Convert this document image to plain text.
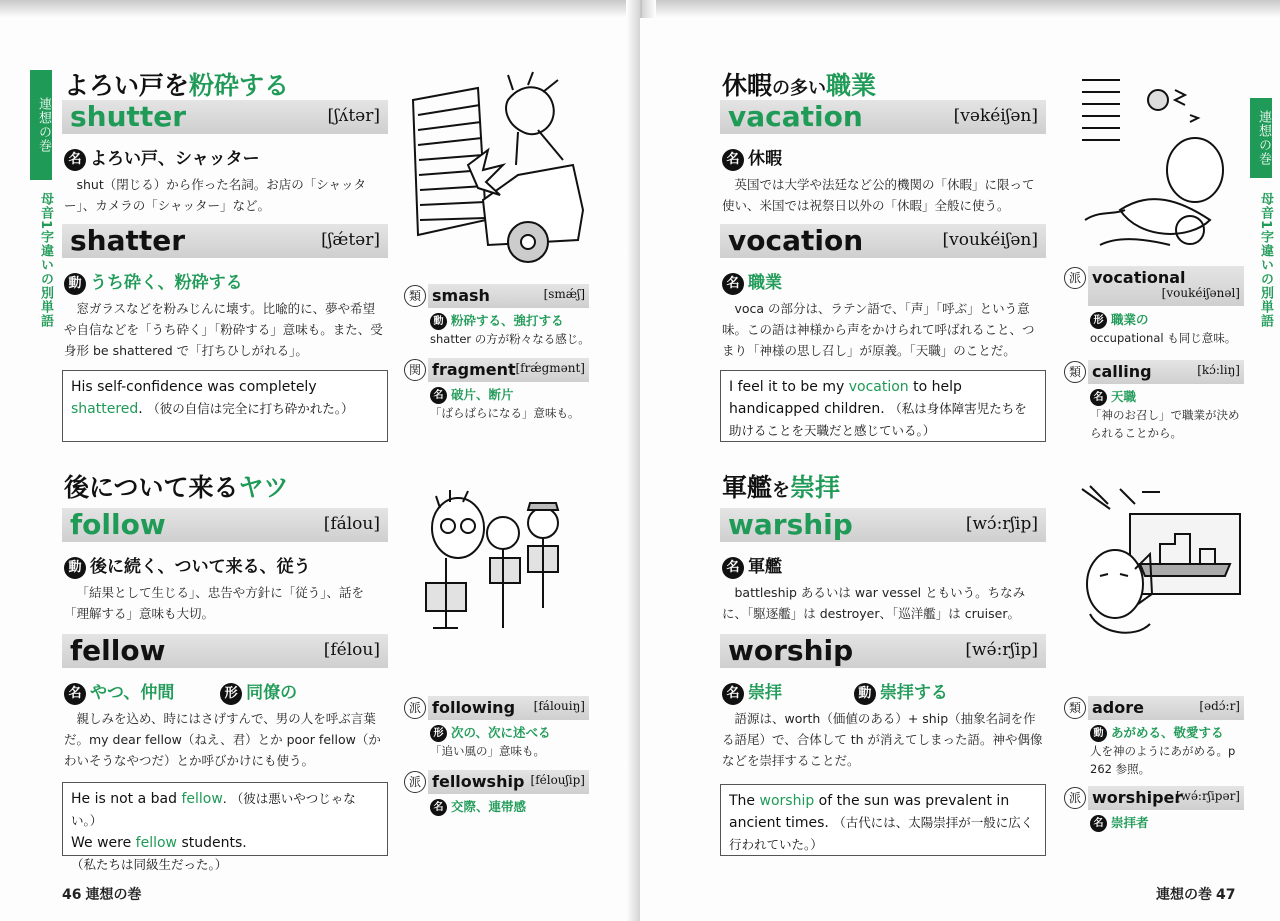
連想の巻
母音1字違いの別単語
よろい戸を粉砕する
shutter	[ʃʌ́tər]
名 よろい戸、シャッター
shut（閉じる）から作った名詞。お店の「シャッター」、カメラの「シャッター」など。
shatter	[ʃǽtər]
動 うち砕く、粉砕する
窓ガラスなどを粉みじんに壊す。比喩的に、夢や希望や自信などを「うち砕く」「粉砕する」意味も。また、受身形 be shattered で「打ちひしがれる」。
His self-confidence was completely shattered. （彼の自信は完全に打ち砕かれた。）
類 smash	[smǽʃ]
動 粉砕する、強打する
shatter の方が粉々なる感じ。
関 fragment [frǽgmənt]
名 破片、断片
「ばらばらになる」意味も。
後について来るヤツ
follow	[fálou]
動 後に続く、ついて来る、従う
「結果として生じる」、忠告や方針に「従う」、話を「理解する」意味も大切。
fellow	[félou]
名 やつ、仲間	形 同僚の
親しみを込め、時にはさげすんで、男の人を呼ぶ言葉だ。my dear fellow（ねえ、君）とか poor fellow（かわいそうなやつだ）とか呼びかけにも使う。
He is not a bad fellow. （彼は悪いやつじゃない。）
We were fellow students.
（私たちは同級生だった。）
派 following [fálouiŋ]
形 次の、次に述べる
「追い風の」意味も。
派 fellowship [félouʃip]
名 交際、連帯感
46 連想の巻
連想の巻
母音1字違いの別単語
休暇の多い職業
vacation	[vəkéiʃən]
名 休暇
英国では大学や法廷など公的機関の「休暇」に限って使い、米国では祝祭日以外の「休暇」全般に使う。
vocation	[voukéiʃən]
名 職業
voca の部分は、ラテン語で、「声」「呼ぶ」という意味。この語は神様から声をかけられて呼ばれること、つまり「神様の思し召し」が原義。「天職」のことだ。
I feel it to be my vocation to help handicapped children. （私は身体障害児たちを助けることを天職だと感じている。）
派 vocational
[voukéiʃənəl]
形 職業の
occupational も同じ意味。
類 calling	[kɔ́:liŋ]
名 天職
「神のお召し」で職業が決められることから。
軍艦を崇拝
warship	[wɔ́:rʃip]
名 軍艦
battleship あるいは war vessel ともいう。ちなみに、「駆逐艦」は destroyer、「巡洋艦」は cruiser。
worship	[wə́:rʃip]
名 崇拝	動 崇拝する
語源は、worth（価値のある）+ ship（抽象名詞を作る語尾）で、合体して th が消えてしまった語。神や偶像などを崇拝することだ。
The worship of the sun was prevalent in ancient times. （古代には、太陽崇拝が一般に広く行われていた。）
類 adore	[ədɔ́:r]
動 あがめる、敬愛する
人を神のようにあがめる。p 262 参照。
派 worshiper
[wə́:rʃipər]
名 崇拝者
連想の巻 47
